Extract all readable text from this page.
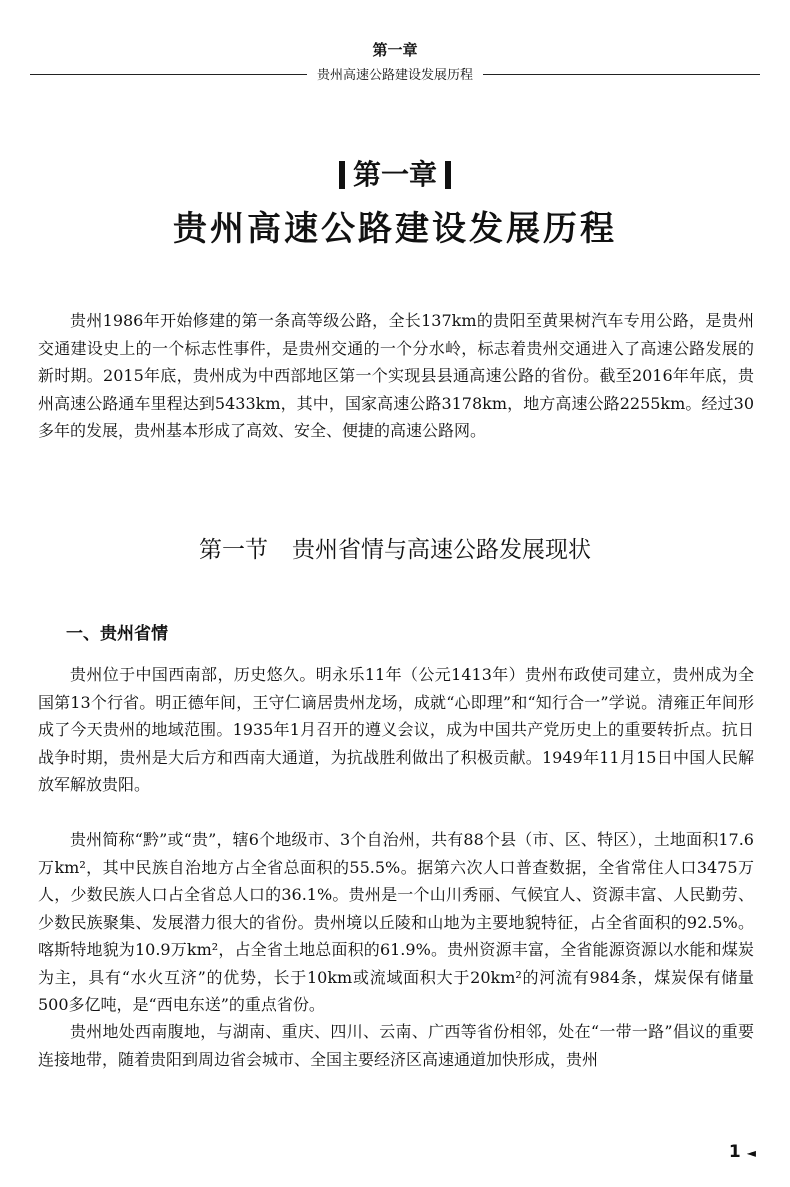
第一章
贵州高速公路建设发展历程
第一章
贵州高速公路建设发展历程

贵州1986年开始修建的第一条高等级公路，全长137km的贵阳至黄果树汽车专用公路，是贵州交通建设史上的一个标志性事件，是贵州交通的一个分水岭，标志着贵州交通进入了高速公路发展的新时期。2015年底，贵州成为中西部地区第一个实现县县通高速公路的省份。截至2016年年底，贵州高速公路通车里程达到5433km，其中，国家高速公路3178km，地方高速公路2255km。经过30多年的发展，贵州基本形成了高效、安全、便捷的高速公路网。

第一节 贵州省情与高速公路发展现状
一、贵州省情

贵州位于中国西南部，历史悠久。明永乐11年（公元1413年）贵州布政使司建立，贵州成为全国第13个行省。明正德年间，王守仁谪居贵州龙场，成就“心即理”和“知行合一”学说。清雍正年间形成了今天贵州的地域范围。1935年1月召开的遵义会议，成为中国共产党历史上的重要转折点。抗日战争时期，贵州是大后方和西南大通道，为抗战胜利做出了积极贡献。1949年11月15日中国人民解放军解放贵阳。

贵州简称“黔”或“贵”，辖6个地级市、3个自治州，共有88个县（市、区、特区），土地面积17.6万km²，其中民族自治地方占全省总面积的55.5%。据第六次人口普查数据，全省常住人口3475万人，少数民族人口占全省总人口的36.1%。贵州是一个山川秀丽、气候宜人、资源丰富、人民勤劳、少数民族聚集、发展潜力很大的省份。贵州境以丘陵和山地为主要地貌特征，占全省面积的92.5%。喀斯特地貌为10.9万km²，占全省土地总面积的61.9%。贵州资源丰富，全省能源资源以水能和煤炭为主，具有“水火互济”的优势，长于10km或流域面积大于20km²的河流有984条，煤炭保有储量500多亿吨，是“西电东送”的重点省份。

贵州地处西南腹地，与湖南、重庆、四川、云南、广西等省份相邻，处在“一带一路”倡议的重要连接地带，随着贵阳到周边省会城市、全国主要经济区高速通道加快形成，贵州

1 ◄
